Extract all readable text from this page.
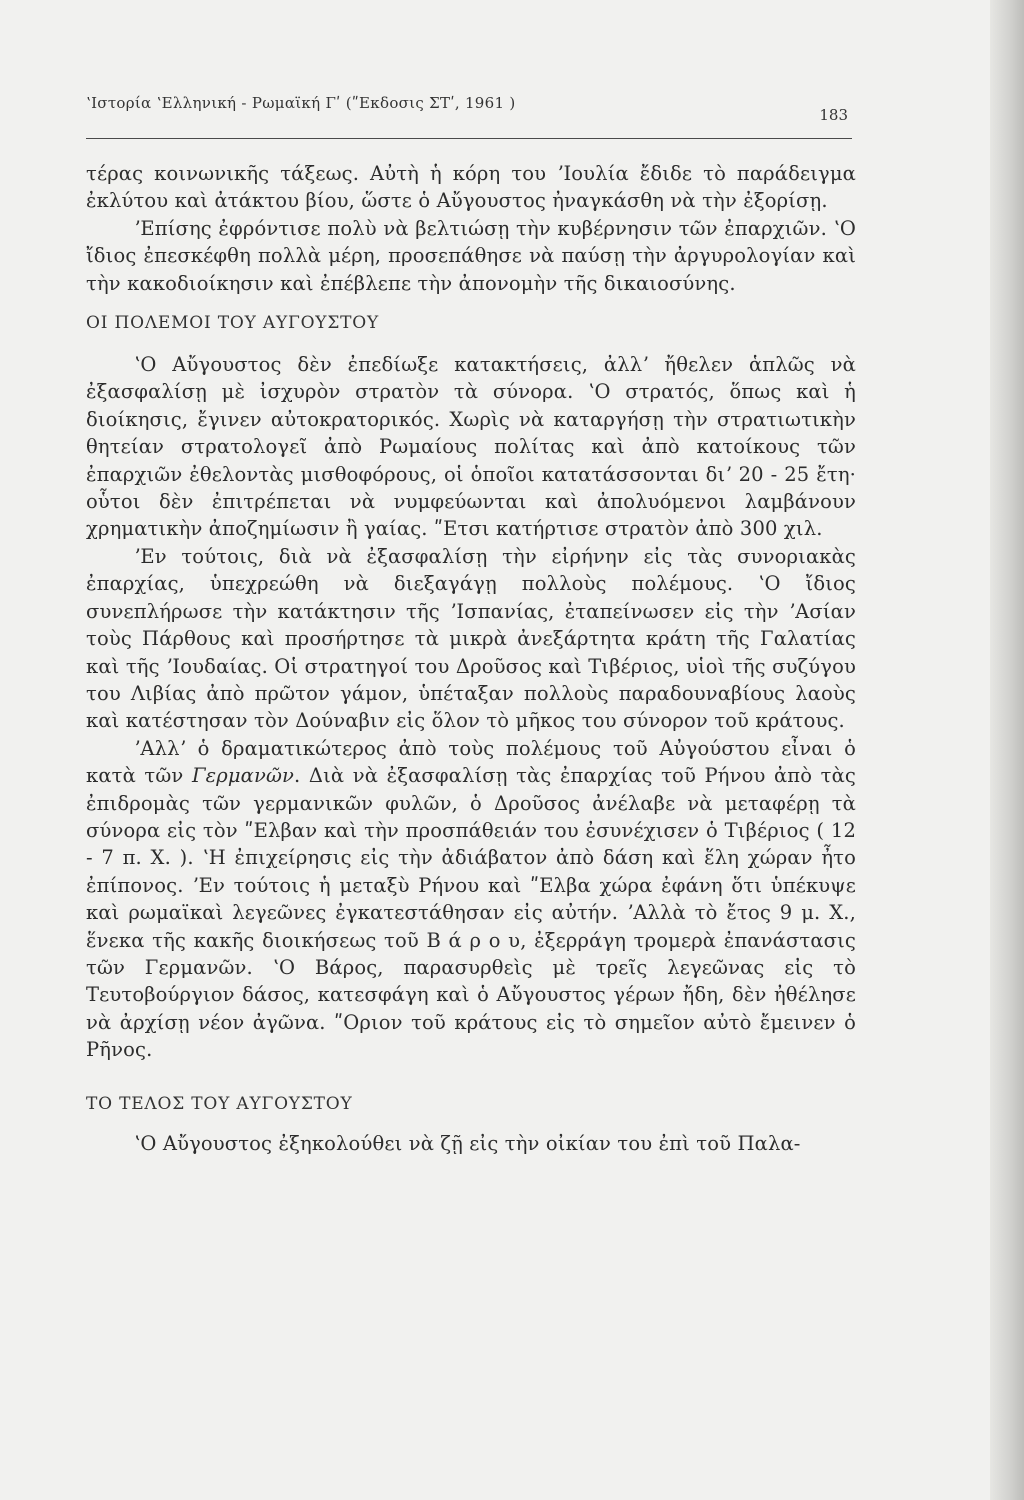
ʽΙστορία ʽΕλληνική - Ρωμαϊκή Γʹ (ʺΕκδοσις ΣΤʹ, 1961 )
183

τέρας κοινωνικῆς τάξεως. Αὐτὴ ἡ κόρη του ʼΙουλία ἔδιδε τὸ παράδειγμα ἐκλύτου καὶ ἀτάκτου βίου, ὥστε ὁ Αὔγουστος ἠναγκάσθη νὰ τὴν ἐξορίσῃ.

ʼΕπίσης ἐφρόντισε πολὺ νὰ βελτιώσῃ τὴν κυβέρνησιν τῶν ἐπαρχιῶν. ʽΟ ἴδιος ἐπεσκέφθη πολλὰ μέρη, προσεπάθησε νὰ παύσῃ τὴν ἀργυρολογίαν καὶ τὴν κακοδιοίκησιν καὶ ἐπέβλεπε τὴν ἀπονομὴν τῆς δικαιοσύνης.

ΟΙ ΠΟΛΕΜΟΙ ΤΟΥ ΑΥΓΟΥΣΤΟΥ

ʽΟ Αὔγουστος δὲν ἐπεδίωξε κατακτήσεις, ἀλλʼ ἤθελεν ἁπλῶς νὰ ἐξασφαλίσῃ μὲ ἰσχυρὸν στρατὸν τὰ σύνορα. ʽΟ στρατός, ὅπως καὶ ἡ διοίκησις, ἔγινεν αὐτοκρατορικός. Χωρὶς νὰ καταργήσῃ τὴν στρατιωτικὴν θητείαν στρατολογεῖ ἀπὸ Ρωμαίους πολίτας καὶ ἀπὸ κατοίκους τῶν ἐπαρχιῶν ἐθελοντὰς μισθοφόρους, οἱ ὁποῖοι κατατάσσονται διʼ 20 - 25 ἔτη· οὗτοι δὲν ἐπιτρέπεται νὰ νυμφεύωνται καὶ ἀπολυόμενοι λαμβάνουν χρηματικὴν ἀποζημίωσιν ἢ γαίας. ʺΕτσι κατήρτισε στρατὸν ἀπὸ 300 χιλ.

ʼΕν τούτοις, διὰ νὰ ἐξασφαλίσῃ τὴν εἰρήνην εἰς τὰς συνοριακὰς ἐπαρχίας, ὑπεχρεώθη νὰ διεξαγάγῃ πολλοὺς πολέμους. ʽΟ ἴδιος συνεπλήρωσε τὴν κατάκτησιν τῆς ʼΙσπανίας, ἐταπείνωσεν εἰς τὴν ʼΑσίαν τοὺς Πάρθους καὶ προσήρτησε τὰ μικρὰ ἀνεξάρτητα κράτη τῆς Γαλατίας καὶ τῆς ʼΙουδαίας. Οἱ στρατηγοί του Δροῦσος καὶ Τιβέριος, υἱοὶ τῆς συζύγου του Λιβίας ἀπὸ πρῶτον γάμον, ὑπέταξαν πολλοὺς παραδουναβίους λαοὺς καὶ κατέστησαν τὸν Δούναβιν εἰς ὅλον τὸ μῆκος του σύνορον τοῦ κράτους.

ʼΑλλʼ ὁ δραματικώτερος ἀπὸ τοὺς πολέμους τοῦ Αὐγούστου εἶναι ὁ κατὰ τῶν Γερμανῶν. Διὰ νὰ ἐξασφαλίσῃ τὰς ἐπαρχίας τοῦ Ρήνου ἀπὸ τὰς ἐπιδρομὰς τῶν γερμανικῶν φυλῶν, ὁ Δροῦσος ἀνέλαβε νὰ μεταφέρῃ τὰ σύνορα εἰς τὸν ʺΕλβαν καὶ τὴν προσπάθειάν του ἐσυνέχισεν ὁ Τιβέριος ( 12 - 7 π. Χ. ). ʽΗ ἐπιχείρησις εἰς τὴν ἀδιάβατον ἀπὸ δάση καὶ ἕλη χώραν ἦτο ἐπίπονος. ʼΕν τούτοις ἡ μεταξὺ Ρήνου καὶ ʺΕλβα χώρα ἐφάνη ὅτι ὑπέκυψε καὶ ρωμαϊκαὶ λεγεῶνες ἐγκατεστάθησαν εἰς αὐτήν. ʼΑλλὰ τὸ ἔτος 9 μ. Χ., ἕνεκα τῆς κακῆς διοικήσεως τοῦ Β ά ρ ο υ, ἐξερράγη τρομερὰ ἐπανάστασις τῶν Γερμανῶν. ʽΟ Βάρος, παρασυρθεὶς μὲ τρεῖς λεγεῶνας εἰς τὸ Τευτοβούργιον δάσος, κατεσφάγη καὶ ὁ Αὔγουστος γέρων ἤδη, δὲν ἠθέλησε νὰ ἀρχίσῃ νέον ἀγῶνα. ʺΟριον τοῦ κράτους εἰς τὸ σημεῖον αὐτὸ ἔμεινεν ὁ Ρῆνος.

ΤΟ ΤΕΛΟΣ ΤΟΥ ΑΥΓΟΥΣΤΟΥ

ʽΟ Αὔγουστος ἐξηκολούθει νὰ ζῇ εἰς τὴν οἰκίαν του ἐπὶ τοῦ Παλα-
